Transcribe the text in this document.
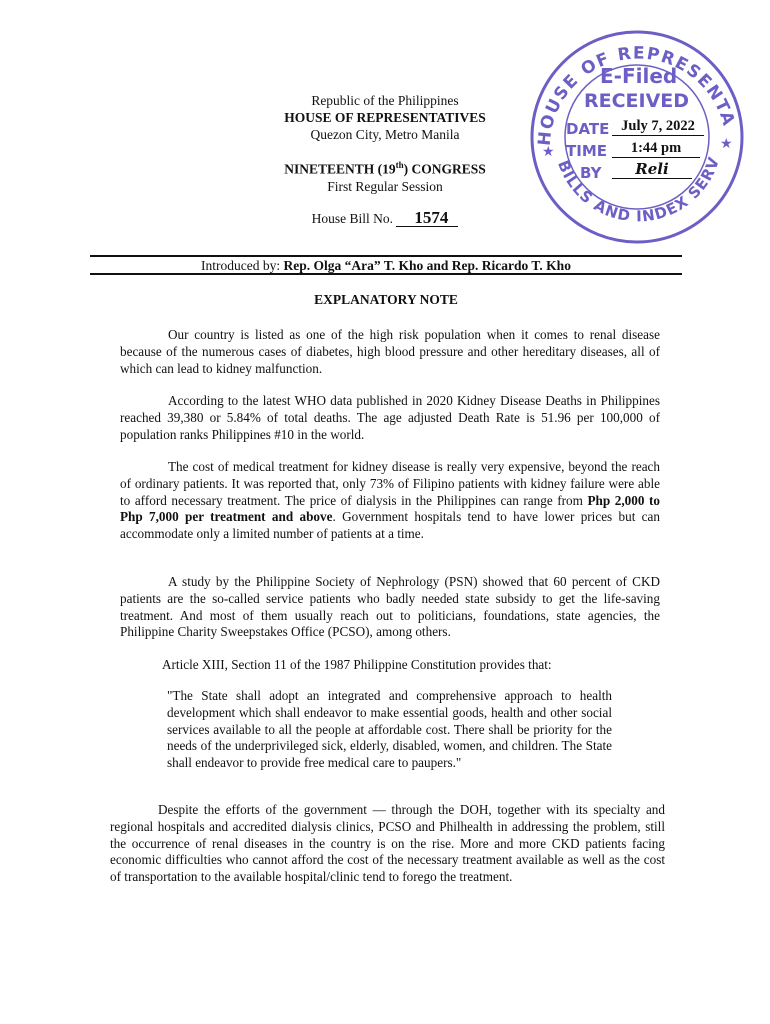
Republic of the Philippines
HOUSE OF REPRESENTATIVES
Quezon City, Metro Manila
NINETEENTH (19th) CONGRESS
First Regular Session
House Bill No. 1574
HOUSE OF REPRESENTA
BILLS AND INDEX SERV
★	★
E-Filed
RECEIVED
DATE July 7, 2022
TIME	1:44 pm
BY	Reli
Introduced by: Rep. Olga “Ara” T. Kho and Rep. Ricardo T. Kho
EXPLANATORY NOTE
Our country is listed as one of the high risk population when it comes to renal disease because of the numerous cases of diabetes, high blood pressure and other hereditary diseases, all of which can lead to kidney malfunction.
According to the latest WHO data published in 2020 Kidney Disease Deaths in Philippines reached 39,380 or 5.84% of total deaths. The age adjusted Death Rate is 51.96 per 100,000 of population ranks Philippines #10 in the world.
The cost of medical treatment for kidney disease is really very expensive, beyond the reach of ordinary patients. It was reported that, only 73% of Filipino patients with kidney failure were able to afford necessary treatment. The price of dialysis in the Philippines can range from Php 2,000 to Php 7,000 per treatment and above. Government hospitals tend to have lower prices but can accommodate only a limited number of patients at a time.
A study by the Philippine Society of Nephrology (PSN) showed that 60 percent of CKD patients are the so-called service patients who badly needed state subsidy to get the life-saving treatment. And most of them usually reach out to politicians, foundations, state agencies, the Philippine Charity Sweepstakes Office (PCSO), among others.
Article XIII, Section 11 of the 1987 Philippine Constitution provides that:
"The State shall adopt an integrated and comprehensive approach to health development which shall endeavor to make essential goods, health and other social services available to all the people at affordable cost. There shall be priority for the needs of the underprivileged sick, elderly, disabled, women, and children. The State shall endeavor to provide free medical care to paupers."
Despite the efforts of the government — through the DOH, together with its specialty and regional hospitals and accredited dialysis clinics, PCSO and Philhealth in addressing the problem, still the occurrence of renal diseases in the country is on the rise. More and more CKD patients facing economic difficulties who cannot afford the cost of the necessary treatment available as well as the cost of transportation to the available hospital/clinic tend to forego the treatment.
